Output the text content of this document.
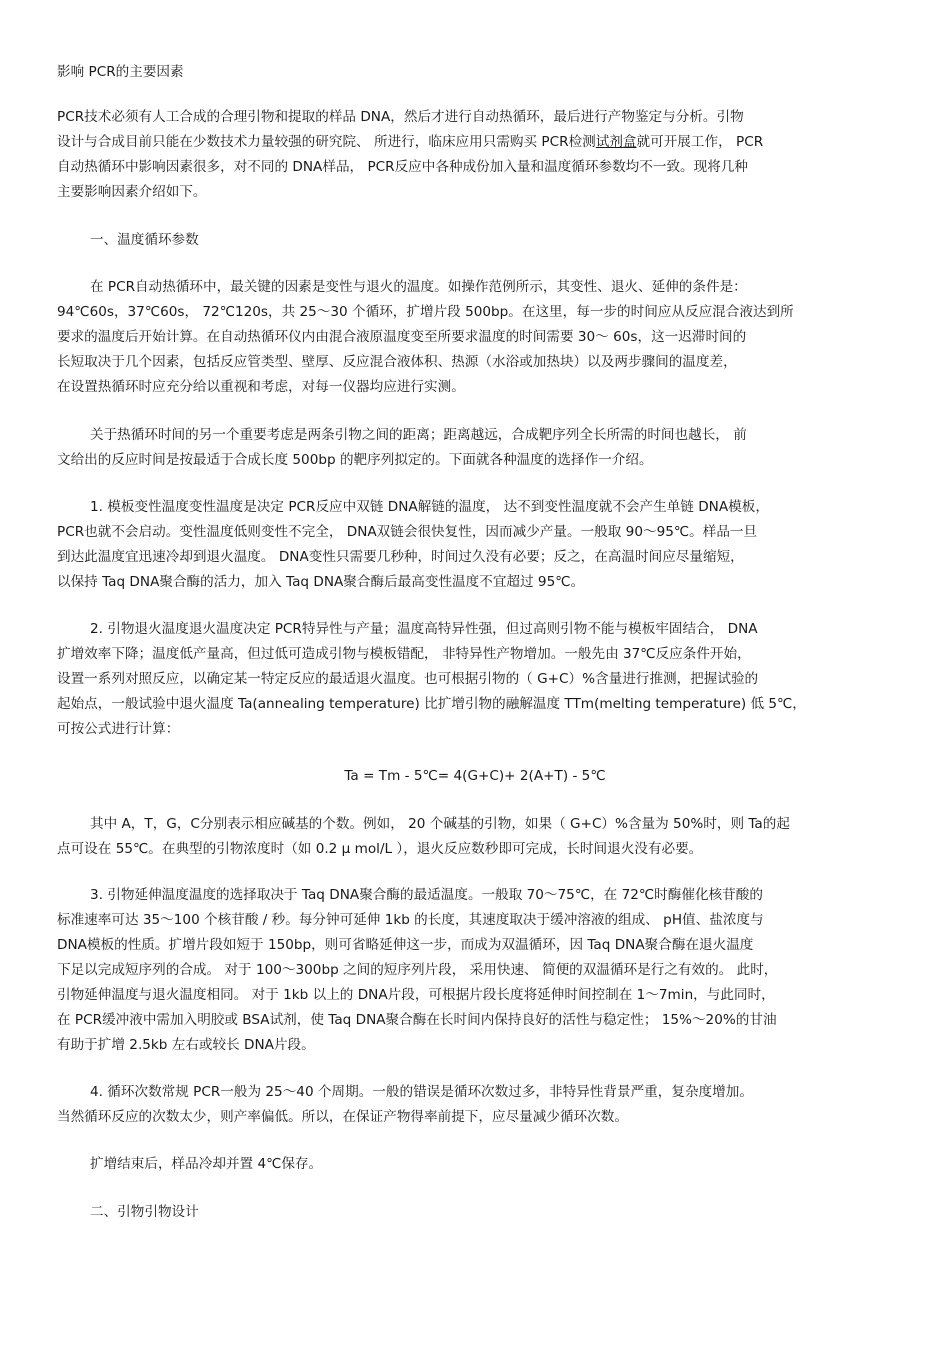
影响 PCR的主要因素
PCR技术必须有人工合成的合理引物和提取的样品 DNA，然后才进行自动热循环，最后进行产物鉴定与分析。引物
设计与合成目前只能在少数技术力量较强的研究院、 所进行，临床应用只需购买 PCR检测试剂盒就可开展工作， PCR
自动热循环中影响因素很多，对不同的 DNA样品， PCR反应中各种成份加入量和温度循环参数均不一致。现将几种
主要影响因素介绍如下。
一、温度循环参数
在 PCR自动热循环中，最关键的因素是变性与退火的温度。如操作范例所示，其变性、退火、延伸的条件是：
94℃60s，37℃60s， 72℃120s，共 25～30 个循环，扩增片段 500bp。在这里，每一步的时间应从反应混合液达到所
要求的温度后开始计算。在自动热循环仪内由混合液原温度变至所要求温度的时间需要 30～ 60s，这一迟滞时间的
长短取决于几个因素，包括反应管类型、壁厚、反应混合液体积、热源（水浴或加热块）以及两步骤间的温度差，
在设置热循环时应充分给以重视和考虑，对每一仪器均应进行实测。
关于热循环时间的另一个重要考虑是两条引物之间的距离；距离越远，合成靶序列全长所需的时间也越长， 前
文给出的反应时间是按最适于合成长度 500bp 的靶序列拟定的。下面就各种温度的选择作一介绍。
1. 模板变性温度变性温度是决定 PCR反应中双链 DNA解链的温度， 达不到变性温度就不会产生单链 DNA模板，
PCR也就不会启动。变性温度低则变性不完全， DNA双链会很快复性，因而减少产量。一般取 90～95℃。样品一旦
到达此温度宜迅速冷却到退火温度。 DNA变性只需要几秒种，时间过久没有必要；反之，在高温时间应尽量缩短，
以保持 Taq DNA聚合酶的活力，加入 Taq DNA聚合酶后最高变性温度不宜超过 95℃。
2. 引物退火温度退火温度决定 PCR特异性与产量；温度高特异性强，但过高则引物不能与模板牢固结合， DNA
扩增效率下降；温度低产量高，但过低可造成引物与模板错配， 非特异性产物增加。一般先由 37℃反应条件开始，
设置一系列对照反应，以确定某一特定反应的最适退火温度。也可根据引物的（ G+C）%含量进行推测，把握试验的
起始点，一般试验中退火温度 Ta(annealing temperature) 比扩增引物的融解温度 TTm(melting temperature) 低 5℃，
可按公式进行计算：
Ta = Tm - 5℃= 4(G+C)+ 2(A+T) - 5℃
其中 A，T，G，C分别表示相应碱基的个数。例如， 20 个碱基的引物，如果（ G+C）%含量为 50%时，则 Ta的起
点可设在 55℃。在典型的引物浓度时（如 0.2 μ mol/L ），退火反应数秒即可完成，长时间退火没有必要。
3. 引物延伸温度温度的选择取决于 Taq DNA聚合酶的最适温度。一般取 70～75℃，在 72℃时酶催化核苷酸的
标准速率可达 35～100 个核苷酸 / 秒。每分钟可延伸 1kb 的长度，其速度取决于缓冲溶液的组成、 pH值、盐浓度与
DNA模板的性质。扩增片段如短于 150bp，则可省略延伸这一步，而成为双温循环，因 Taq DNA聚合酶在退火温度
下足以完成短序列的合成。 对于 100～300bp 之间的短序列片段， 采用快速、 简便的双温循环是行之有效的。 此时，
引物延伸温度与退火温度相同。 对于 1kb 以上的 DNA片段，可根据片段长度将延伸时间控制在 1～7min，与此同时，
在 PCR缓冲液中需加入明胶或 BSA试剂，使 Taq DNA聚合酶在长时间内保持良好的活性与稳定性； 15%～20%的甘油
有助于扩增 2.5kb 左右或较长 DNA片段。
4. 循环次数常规 PCR一般为 25～40 个周期。一般的错误是循环次数过多，非特异性背景严重，复杂度增加。
当然循环反应的次数太少，则产率偏低。所以，在保证产物得率前提下，应尽量减少循环次数。
扩增结束后，样品冷却并置 4℃保存。
二、引物引物设计
